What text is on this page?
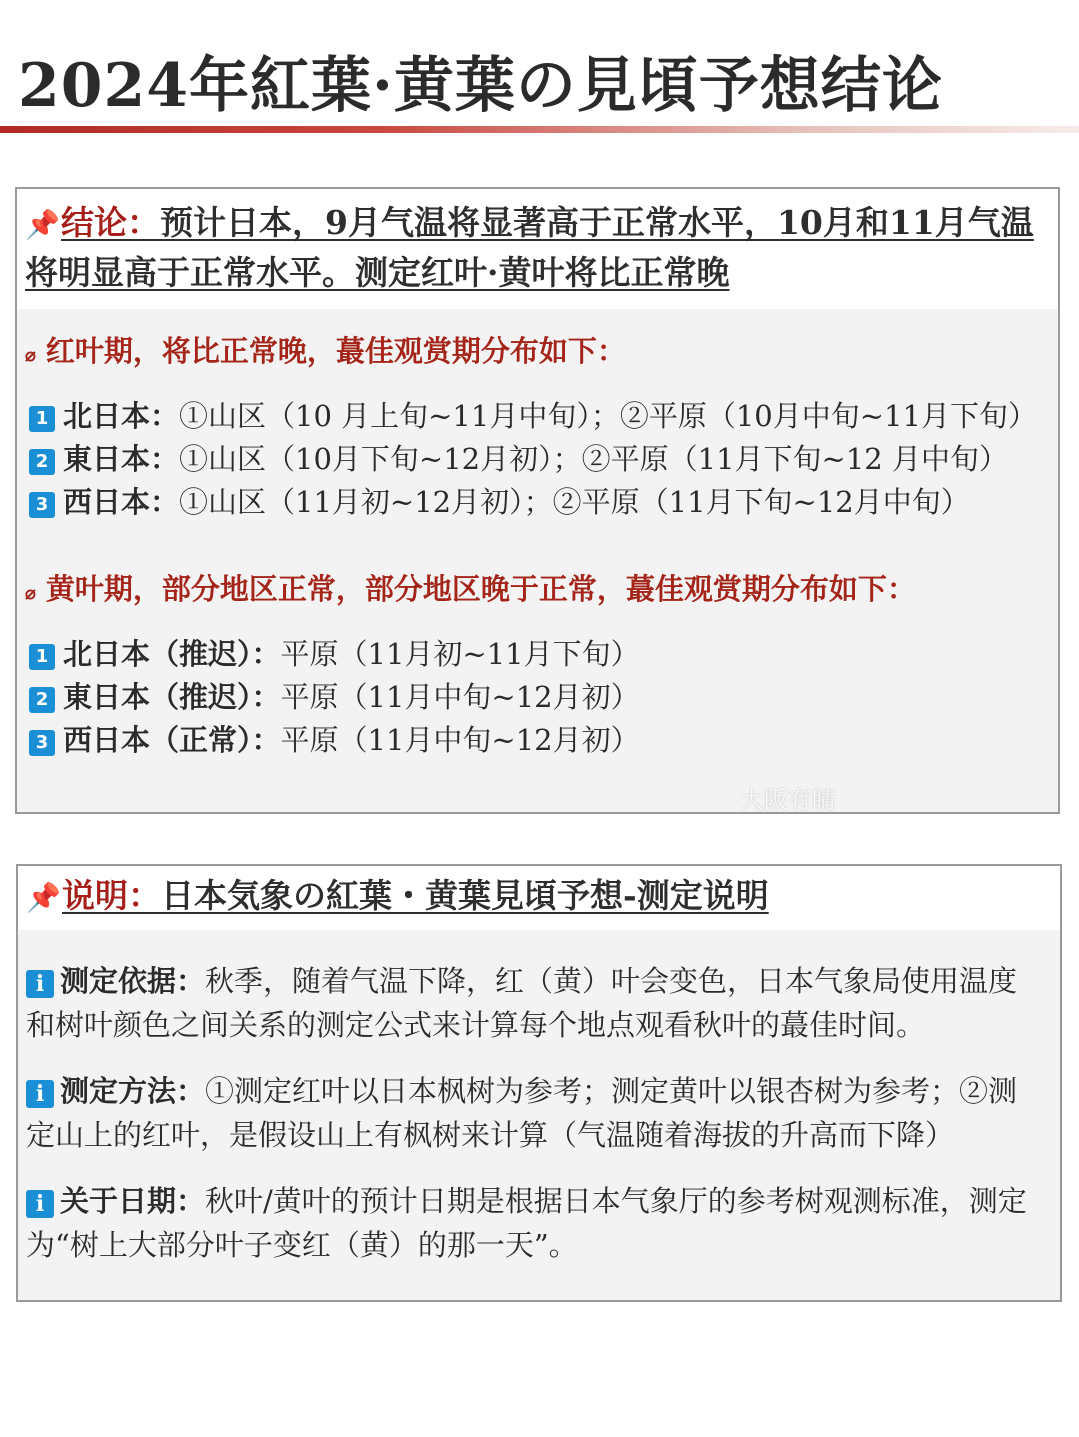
2024年紅葉·黄葉の見頃予想结论
📌结论：预计日本，9月气温将显著高于正常水平，10月和11月气温
将明显高于正常水平。测定红叶·黄叶将比正常晚
⌀ 红叶期，将比正常晚，蕞佳观赏期分布如下：
1 北日本：①山区（10 月上旬~11月中旬）；②平原（10月中旬~11月下旬）
2 東日本：①山区（10月下旬~12月初）；②平原（11月下旬~12 月中旬）
3 西日本：①山区（11月初~12月初）；②平原（11月下旬~12月中旬）
⌀ 黄叶期，部分地区正常，部分地区晚于正常，蕞佳观赏期分布如下：
1 北日本（推迟）：平原（11月初~11月下旬）
2 東日本（推迟）：平原（11月中旬~12月初）
3 西日本（正常）：平原（11月中旬~12月初）
大阪有睛
📌说明：日本気象の紅葉・黄葉見頃予想-测定说明
i 测定依据：秋季，随着气温下降，红（黄）叶会变色，日本气象局使用温度和树叶颜色之间关系的测定公式来计算每个地点观看秋叶的蕞佳时间。
i 测定方法：①测定红叶以日本枫树为参考；测定黄叶以银杏树为参考；②测定山上的红叶，是假设山上有枫树来计算（气温随着海拔的升高而下降）
i 关于日期：秋叶/黄叶的预计日期是根据日本气象厅的参考树观测标准，测定为“树上大部分叶子变红（黄）的那一天”。
